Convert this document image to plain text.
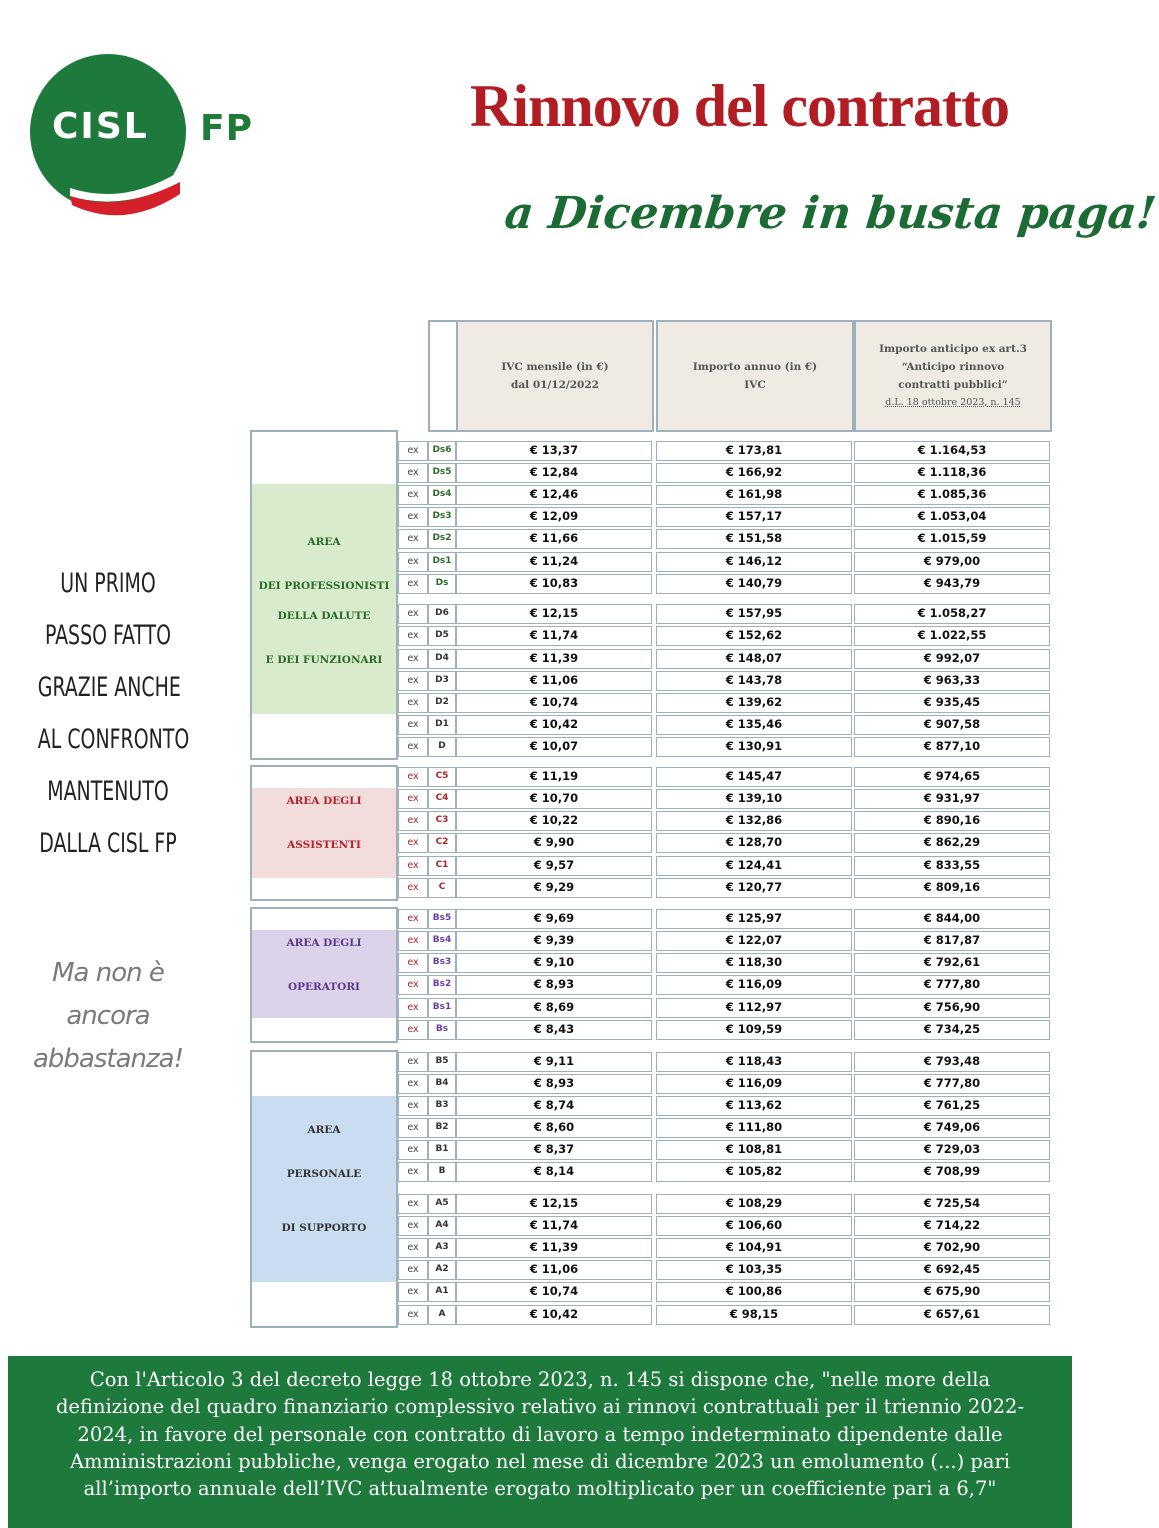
CISL FP	Rinnovo del contratto
a Dicembre in busta paga!
UN PRIMO
PASSO FATTO
GRAZIE ANCHE
AL CONFRONTO
MANTENUTO
DALLA CISL FP
Ma non è
ancora
abbastanza!
IVC mensile (in €)
dal 01/12/2022
Importo annuo (in €)
IVC
Importo anticipo ex art.3
“Anticipo rinnovo
contratti pubblici”
d.L. 18 ottobre 2023, n. 145
AREA
DEI PROFESSIONISTI
DELLA DALUTE
E DEI FUNZIONARI
AREA DEGLI
ASSISTENTI
AREA DEGLI
OPERATORI
AREA
PERSONALE
DI SUPPORTO
ex	Ds6	€ 13,37	€ 173,81	€ 1.164,53
ex	Ds5	€ 12,84	€ 166,92	€ 1.118,36
ex	Ds4	€ 12,46	€ 161,98	€ 1.085,36
ex	Ds3	€ 12,09	€ 157,17	€ 1.053,04
ex	Ds2	€ 11,66	€ 151,58	€ 1.015,59
ex	Ds1	€ 11,24	€ 146,12	€ 979,00
ex	Ds	€ 10,83	€ 140,79	€ 943,79
ex	D6	€ 12,15	€ 157,95	€ 1.058,27
ex	D5	€ 11,74	€ 152,62	€ 1.022,55
ex	D4	€ 11,39	€ 148,07	€ 992,07
ex	D3	€ 11,06	€ 143,78	€ 963,33
ex	D2	€ 10,74	€ 139,62	€ 935,45
ex	D1	€ 10,42	€ 135,46	€ 907,58
ex	D	€ 10,07	€ 130,91	€ 877,10
ex	C5	€ 11,19	€ 145,47	€ 974,65
ex	C4	€ 10,70	€ 139,10	€ 931,97
ex	C3	€ 10,22	€ 132,86	€ 890,16
ex	C2	€ 9,90	€ 128,70	€ 862,29
ex	C1	€ 9,57	€ 124,41	€ 833,55
ex	C	€ 9,29	€ 120,77	€ 809,16
ex	Bs5	€ 9,69	€ 125,97	€ 844,00
ex	Bs4	€ 9,39	€ 122,07	€ 817,87
ex	Bs3	€ 9,10	€ 118,30	€ 792,61
ex	Bs2	€ 8,93	€ 116,09	€ 777,80
ex	Bs1	€ 8,69	€ 112,97	€ 756,90
ex	Bs	€ 8,43	€ 109,59	€ 734,25
ex	B5	€ 9,11	€ 118,43	€ 793,48
ex	B4	€ 8,93	€ 116,09	€ 777,80
ex	B3	€ 8,74	€ 113,62	€ 761,25
ex	B2	€ 8,60	€ 111,80	€ 749,06
ex	B1	€ 8,37	€ 108,81	€ 729,03
ex	B	€ 8,14	€ 105,82	€ 708,99
ex	A5	€ 12,15	€ 108,29	€ 725,54
ex	A4	€ 11,74	€ 106,60	€ 714,22
ex	A3	€ 11,39	€ 104,91	€ 702,90
ex	A2	€ 11,06	€ 103,35	€ 692,45
ex	A1	€ 10,74	€ 100,86	€ 675,90
ex	A	€ 10,42	€ 98,15	€ 657,61
Con l'Articolo 3 del decreto legge 18 ottobre 2023, n. 145 si dispone che, "nelle more della definizione del quadro finanziario complessivo relativo ai rinnovi contrattuali per il triennio 2022-2024, in favore del personale con contratto di lavoro a tempo indeterminato dipendente dalle Amministrazioni pubbliche, venga erogato nel mese di dicembre 2023 un emolumento (...) pari all’importo annuale dell’IVC attualmente erogato moltiplicato per un coefficiente pari a 6,7"
